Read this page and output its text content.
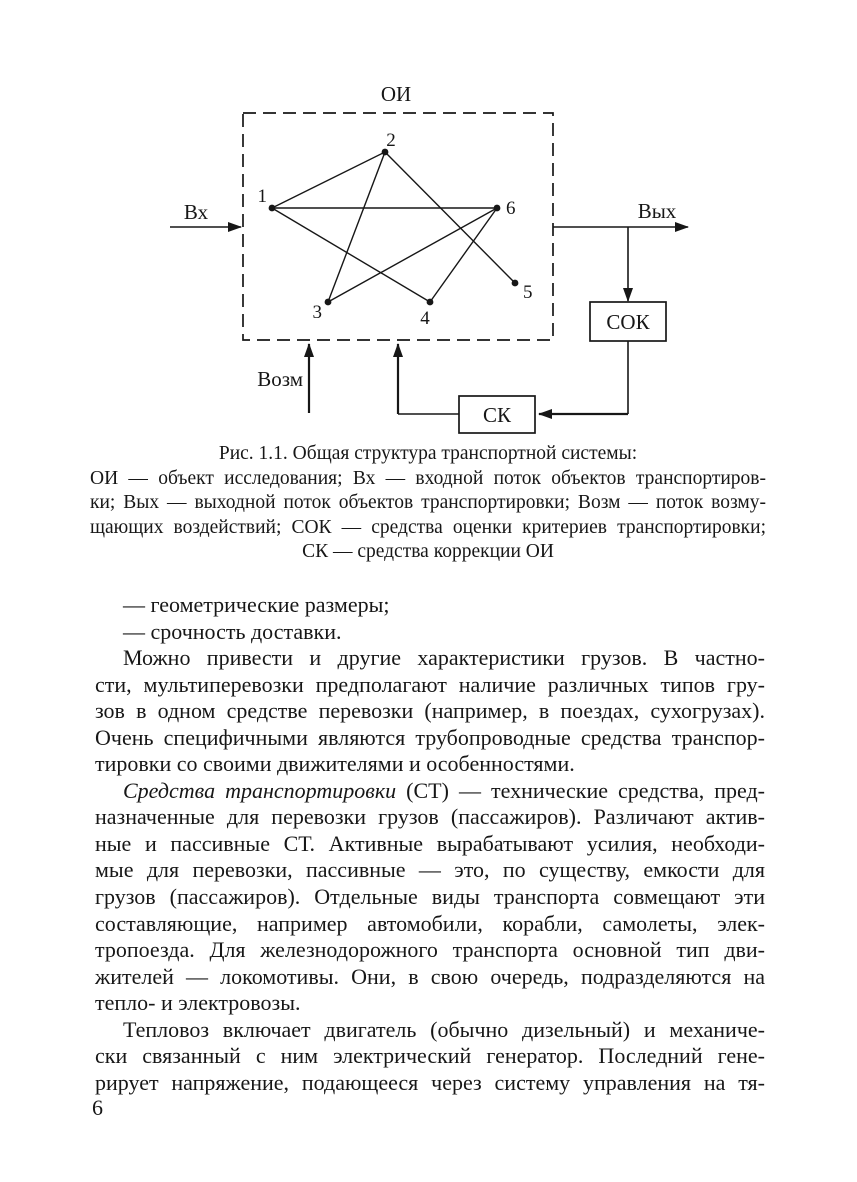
ОИ
Вх	Вых
СОК
СК
Возм
1
2
3	4
5
6
Рис. 1.1. Общая структура транспортной системы:
ОИ — объект исследования; Вх — входной поток объектов транспортиров-
ки; Вых — выходной поток объектов транспортировки; Возм — поток возму-
щающих воздействий; СОК — средства оценки критериев транспортировки;
СК — средства коррекции ОИ
— геометрические размеры;
— срочность доставки.
Можно привести и другие характеристики грузов. В частно-
сти, мультиперевозки предполагают наличие различных типов гру-
зов в одном средстве перевозки (например, в поездах, сухогрузах).
Очень специфичными являются трубопроводные средства транспор-
тировки со своими движителями и особенностями.
Средства транспортировки (СТ) — технические средства, пред-
назначенные для перевозки грузов (пассажиров). Различают актив-
ные и пассивные СТ. Активные вырабатывают усилия, необходи-
мые для перевозки, пассивные — это, по существу, емкости для
грузов (пассажиров). Отдельные виды транспорта совмещают эти
составляющие, например автомобили, корабли, самолеты, элек-
тропоезда. Для железнодорожного транспорта основной тип дви-
жителей — локомотивы. Они, в свою очередь, подразделяются на
тепло- и электровозы.
Тепловоз включает двигатель (обычно дизельный) и механиче-
ски связанный с ним электрический генератор. Последний гене-
рирует напряжение, подающееся через систему управления на тя-
6
